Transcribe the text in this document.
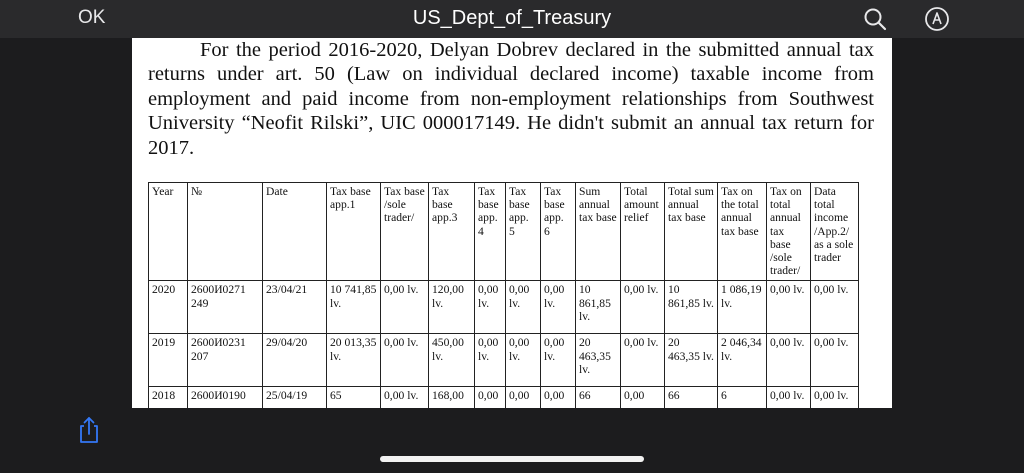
OK	US_Dept_of_Treasury

For the period 2016-2020, Delyan Dobrev declared in the submitted annual tax returns under art. 50 (Law on individual declared income) taxable income from employment and paid income from non-employment relationships from Southwest University “Neofit Rilski”, UIC 000017149. He didn't submit an annual tax return for 2017.

Year	№	Date	Tax base app.1	Tax base /sole trader/	Tax base app.3	Tax base app. 4	Tax base app. 5	Tax base app. 6	Sum annual tax base	Total amount relief	Total sum annual tax base	Tax on the total annual tax base	Tax on total annual tax base /sole trader/	Data total income /App.2/ as a sole trader
2020	2600И0271 249	23/04/21	10 741,85 lv.	0,00 lv.	120,00 lv.	0,00 lv.	0,00 lv.	0,00 lv.	10 861,85 lv.	0,00 lv.	10 861,85 lv.	1 086,19 lv.	0,00 lv.	0,00 lv.
2019	2600И0231 207	29/04/20	20 013,35 lv.	0,00 lv.	450,00 lv.	0,00 lv.	0,00 lv.	0,00 lv.	20 463,35 lv.	0,00 lv.	20 463,35 lv.	2 046,34 lv.	0,00 lv.	0,00 lv.
2018	2600И0190	25/04/19	65	0,00 lv.	168,00	0,00	0,00	0,00	66	0,00	66	6	0,00 lv.	0,00 lv.
